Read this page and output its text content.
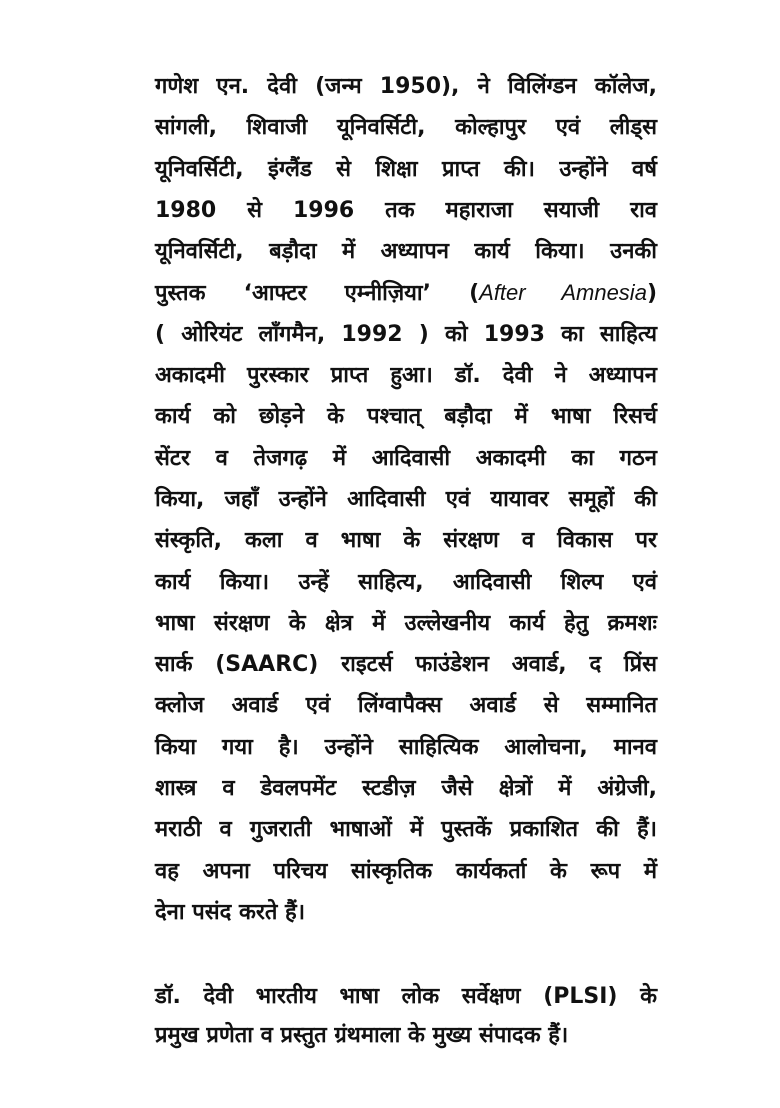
गणेश एन. देवी (जन्म 1950), ने विलिंग्डन कॉलेज,
सांगली, शिवाजी यूनिवर्सिटी, कोल्हापुर एवं लीड्स
यूनिवर्सिटी, इंग्लैंड से शिक्षा प्राप्त की। उन्होंने वर्ष
1980 से 1996 तक महाराजा सयाजी राव
यूनिवर्सिटी, बड़ौदा में अध्यापन कार्य किया। उनकी
पुस्तक ‘आफ्टर एम्नीज़िया’ (After Amnesia)
( ओरियंट लॉंगमैन, 1992 ) को 1993 का साहित्य
अकादमी पुरस्कार प्राप्त हुआ। डॉ. देवी ने अध्यापन
कार्य को छोड़ने के पश्चात् बड़ौदा में भाषा रिसर्च
सेंटर व तेजगढ़ में आदिवासी अकादमी का गठन
किया, जहाँ उन्होंने आदिवासी एवं यायावर समूहों की
संस्कृति, कला व भाषा के संरक्षण व विकास पर
कार्य किया। उन्हें साहित्य, आदिवासी शिल्प एवं
भाषा संरक्षण के क्षेत्र में उल्लेखनीय कार्य हेतु क्रमशः
सार्क (SAARC) राइटर्स फाउंडेशन अवार्ड, द प्रिंस
क्लोज अवार्ड एवं लिंग्वापैक्स अवार्ड से सम्मानित
किया गया है। उन्होंने साहित्यिक आलोचना, मानव
शास्त्र व डेवलपमेंट स्टडीज़ जैसे क्षेत्रों में अंग्रेजी,
मराठी व गुजराती भाषाओं में पुस्तकें प्रकाशित की हैं।
वह अपना परिचय सांस्कृतिक कार्यकर्ता के रूप में
देना पसंद करते हैं।
डॉ. देवी भारतीय भाषा लोक सर्वेक्षण (PLSI) के
प्रमुख प्रणेता व प्रस्तुत ग्रंथमाला के मुख्य संपादक हैं।
